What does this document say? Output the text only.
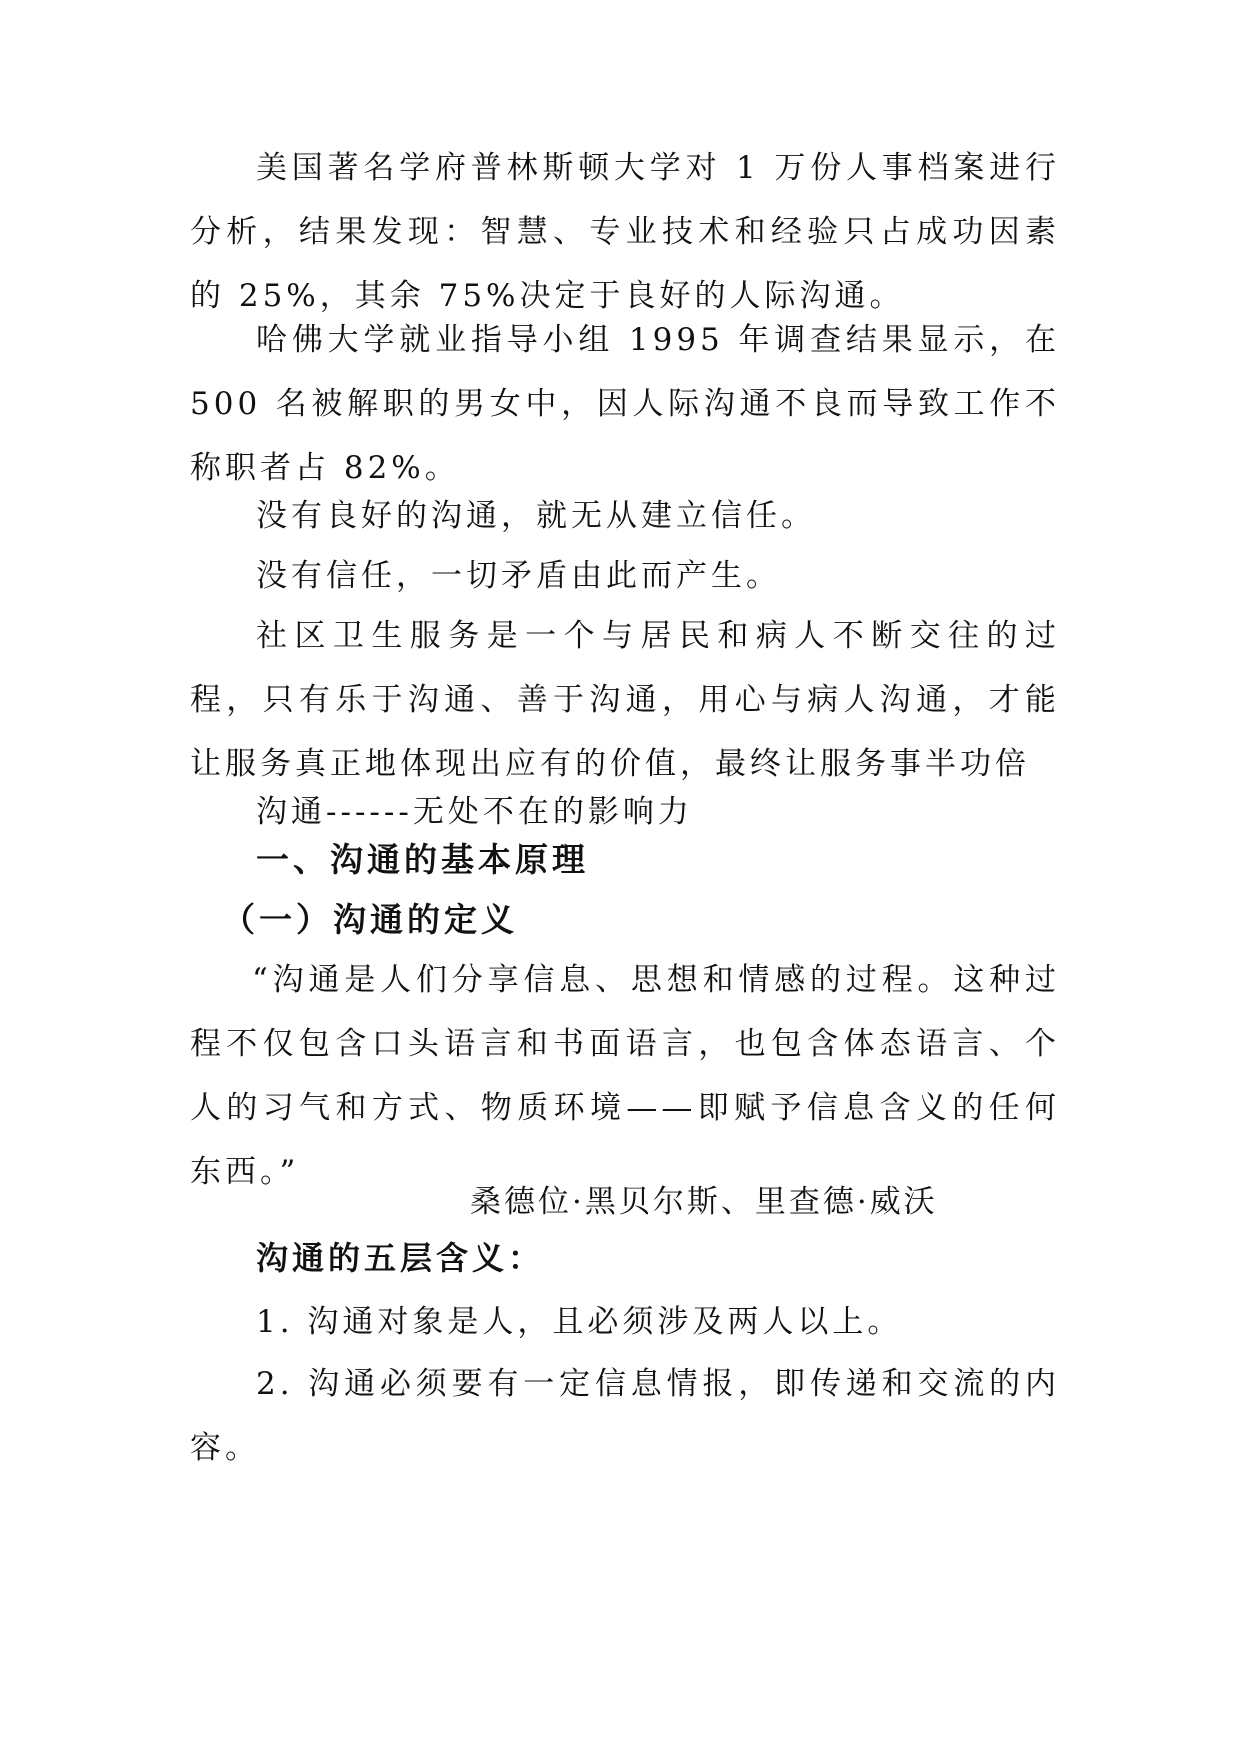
美国著名学府普林斯顿大学对 1 万份人事档案进行分析，结果发现：智慧、专业技术和经验只占成功因素的 25%，其余 75%决定于良好的人际沟通。

哈佛大学就业指导小组 1995 年调查结果显示，在 500 名被解职的男女中，因人际沟通不良而导致工作不称职者占 82%。

没有良好的沟通，就无从建立信任。

没有信任，一切矛盾由此而产生。

社区卫生服务是一个与居民和病人不断交往的过程，只有乐于沟通、善于沟通，用心与病人沟通，才能让服务真正地体现出应有的价值，最终让服务事半功倍

沟通------无处不在的影响力

一、沟通的基本原理
（一）沟通的定义

“沟通是人们分享信息、思想和情感的过程。这种过程不仅包含口头语言和书面语言，也包含体态语言、个人的习气和方式、物质环境——即赋予信息含义的任何东西。”

桑德位·黑贝尔斯、里查德·威沃

沟通的五层含义：

1. 沟通对象是人，且必须涉及两人以上。

2. 沟通必须要有一定信息情报，即传递和交流的内容。
